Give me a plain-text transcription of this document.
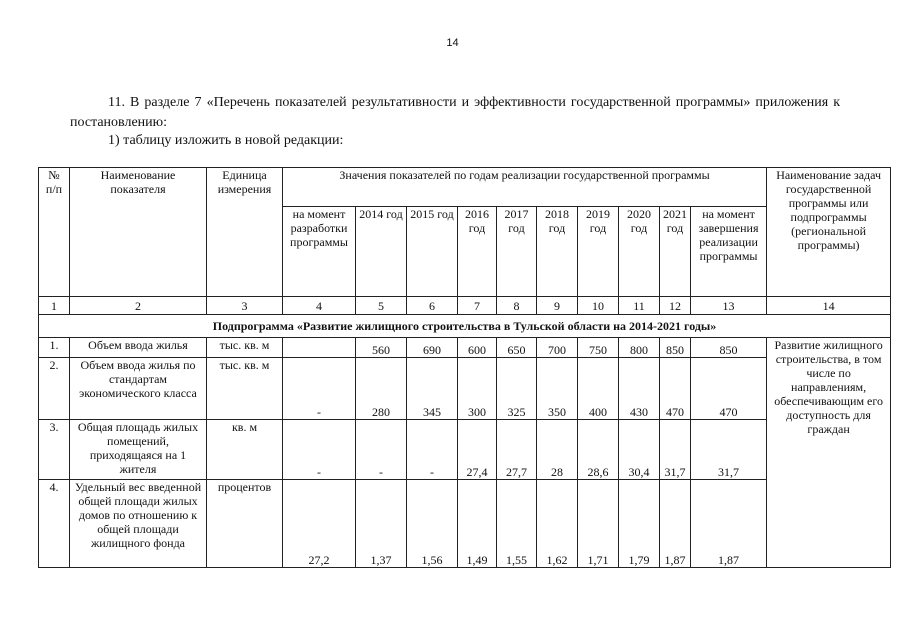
14
11. В разделе 7 «Перечень показателей результативности и эффективности государственной программы» приложения к постановлению:
1) таблицу изложить в новой редакции:
№ п/п	Наименование показателя	Единица измерения	Значения показателей по годам реализации государственной программы										Наименование задач государственной программы или подпрограммы (региональной программы)
			на момент разработки программы	2014 год	2015 год	2016 год	2017 год	2018 год	2019 год	2020 год	2021 год	на момент завершения реализации программы	
1	2	3	4	5	6	7	8	9	10	11	12	13	14
Подпрограмма «Развитие жилищного строительства в Тульской области на 2014-2021 годы»													
1.	Объем ввода жилья	тыс. кв. м		560	690	600	650	700	750	800	850	850	Развитие жилищного строительства, в том числе по направлениям, обеспечивающим его доступность для граждан
2.	Объем ввода жилья по стандартам экономического класса	тыс. кв. м	-	280	345	300	325	350	400	430	470	470	
3.	Общая площадь жилых помещений, приходящаяся на 1 жителя	кв. м	-	-	-	27,4	27,7	28	28,6	30,4	31,7	31,7	
4.	Удельный вес введенной общей площади жилых домов по отношению к общей площади жилищного фонда	процентов	27,2	1,37	1,56	1,49	1,55	1,62	1,71	1,79	1,87	1,87	
